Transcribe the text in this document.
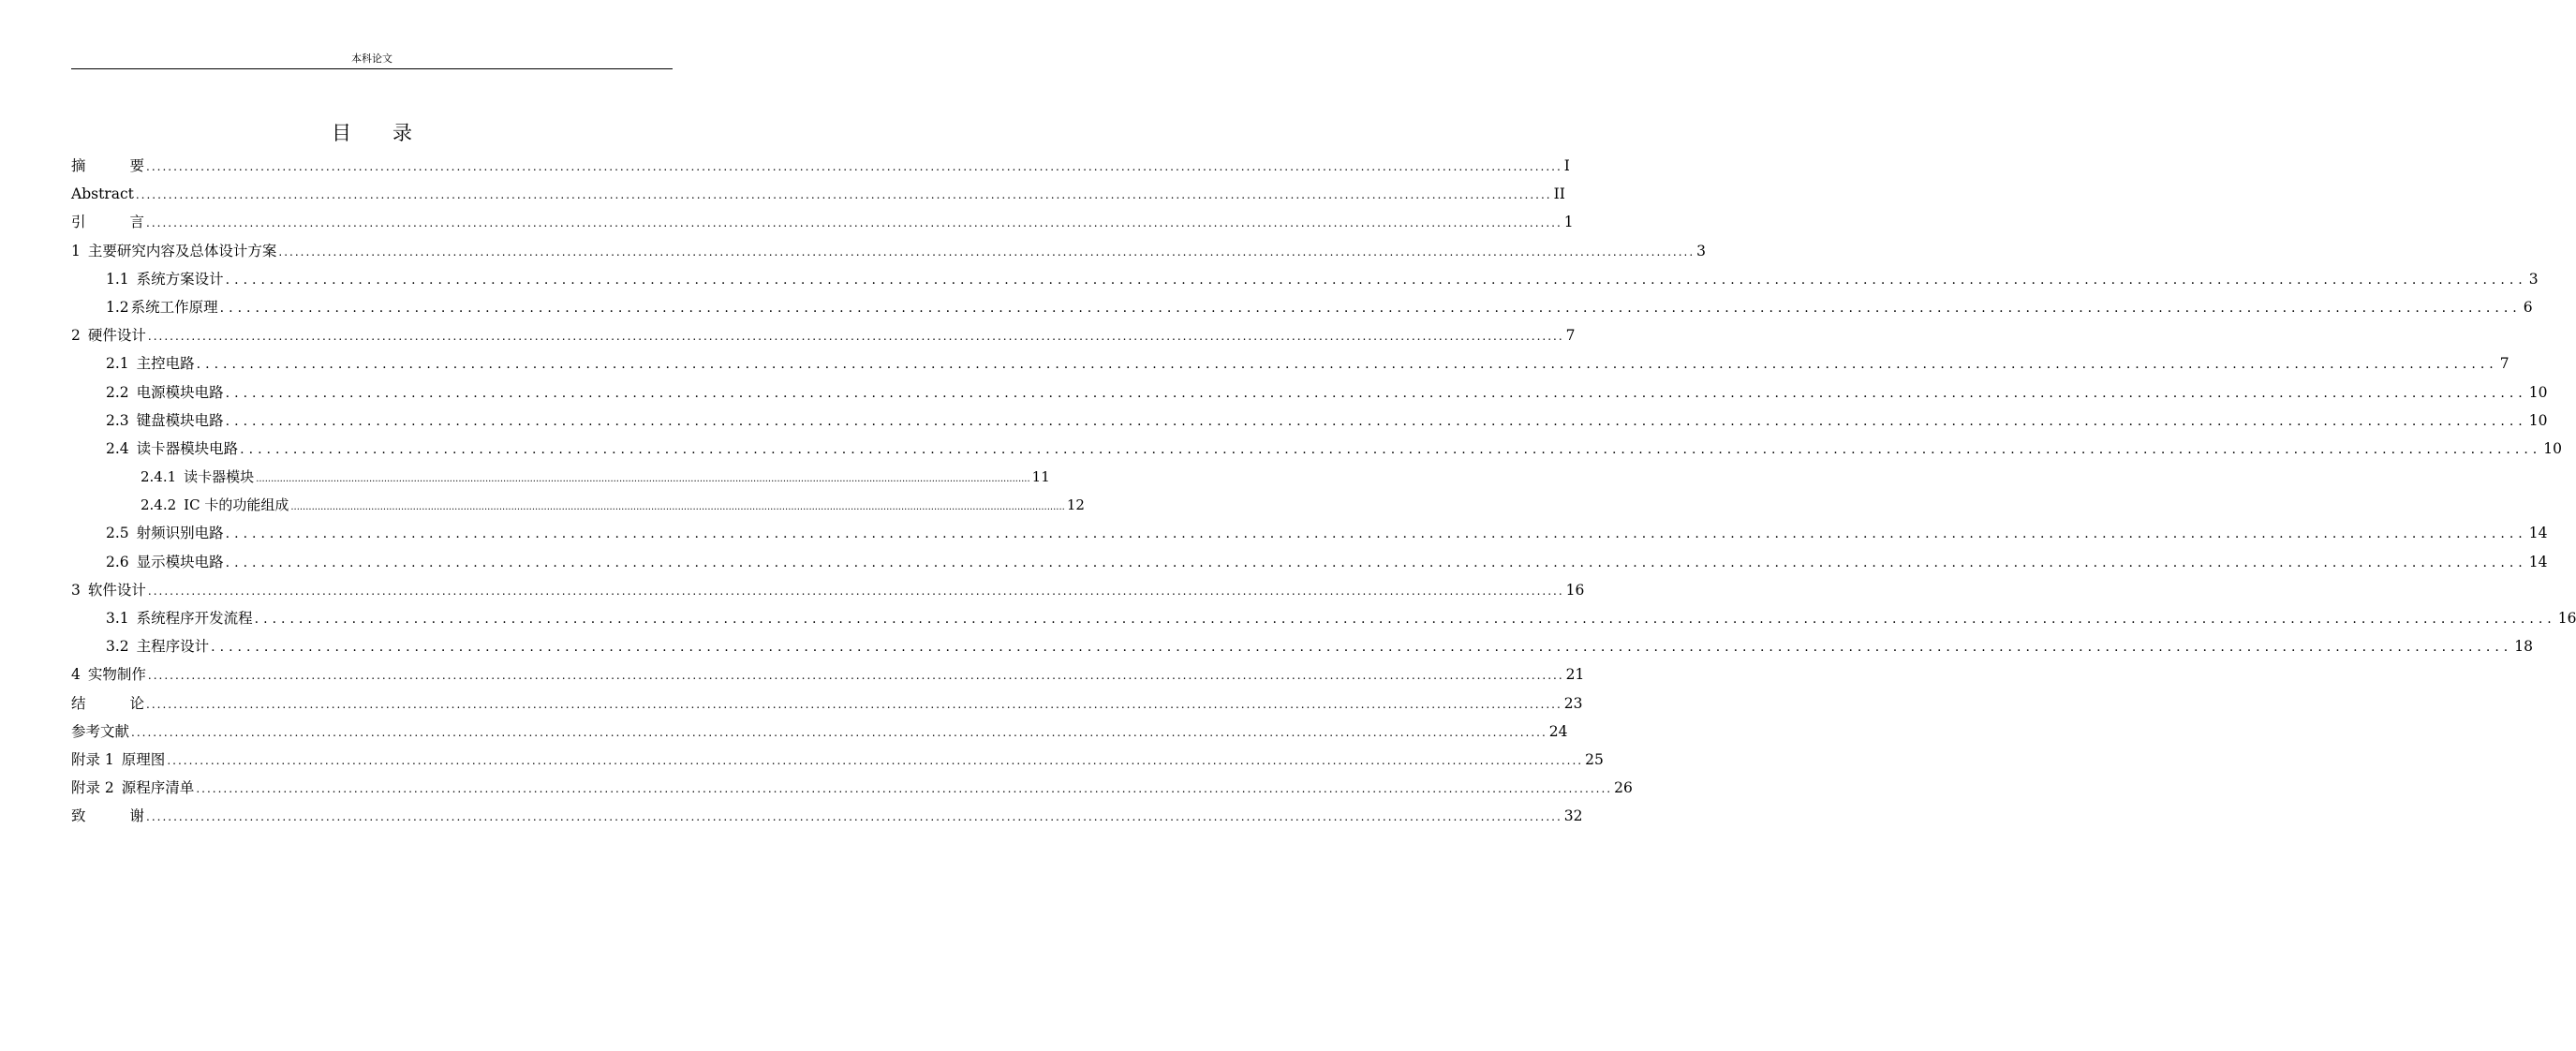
本科论文
目 录
摘	要 .................................................................................................................................................................................................................................................................... I
Abstract .................................................................................................................................................................................................................................................................... II
引	言 .................................................................................................................................................................................................................................................................... 1
1 主要研究内容及总体设计方案 .................................................................................................................................................................................................................................................................... 3
1.1 系统方案设计 .................................................................................................................................................................................................................................................................... 3
1.2 系统工作原理 .................................................................................................................................................................................................................................................................... 6
2 硬件设计 .................................................................................................................................................................................................................................................................... 7
2.1 主控电路 .................................................................................................................................................................................................................................................................... 7
2.2 电源模块电路 .................................................................................................................................................................................................................................................................... 10
2.3 键盘模块电路 .................................................................................................................................................................................................................................................................... 10
2.4 读卡器模块电路 .................................................................................................................................................................................................................................................................... 10
2.4.1 读卡器模块 .................................................................................................................................................................................................................................................................... 11
2.4.2 IC 卡的功能组成 .................................................................................................................................................................................................................................................................... 12
2.5 射频识别电路 .................................................................................................................................................................................................................................................................... 14
2.6 显示模块电路 .................................................................................................................................................................................................................................................................... 14
3 软件设计 .................................................................................................................................................................................................................................................................... 16
3.1 系统程序开发流程 .................................................................................................................................................................................................................................................................... 16
3.2 主程序设计 .................................................................................................................................................................................................................................................................... 18
4 实物制作 .................................................................................................................................................................................................................................................................... 21
结	论 .................................................................................................................................................................................................................................................................... 23
参考文献 .................................................................................................................................................................................................................................................................... 24
附录 1 原理图 .................................................................................................................................................................................................................................................................... 25
附录 2 源程序清单 .................................................................................................................................................................................................................................................................... 26
致	谢 .................................................................................................................................................................................................................................................................... 32
